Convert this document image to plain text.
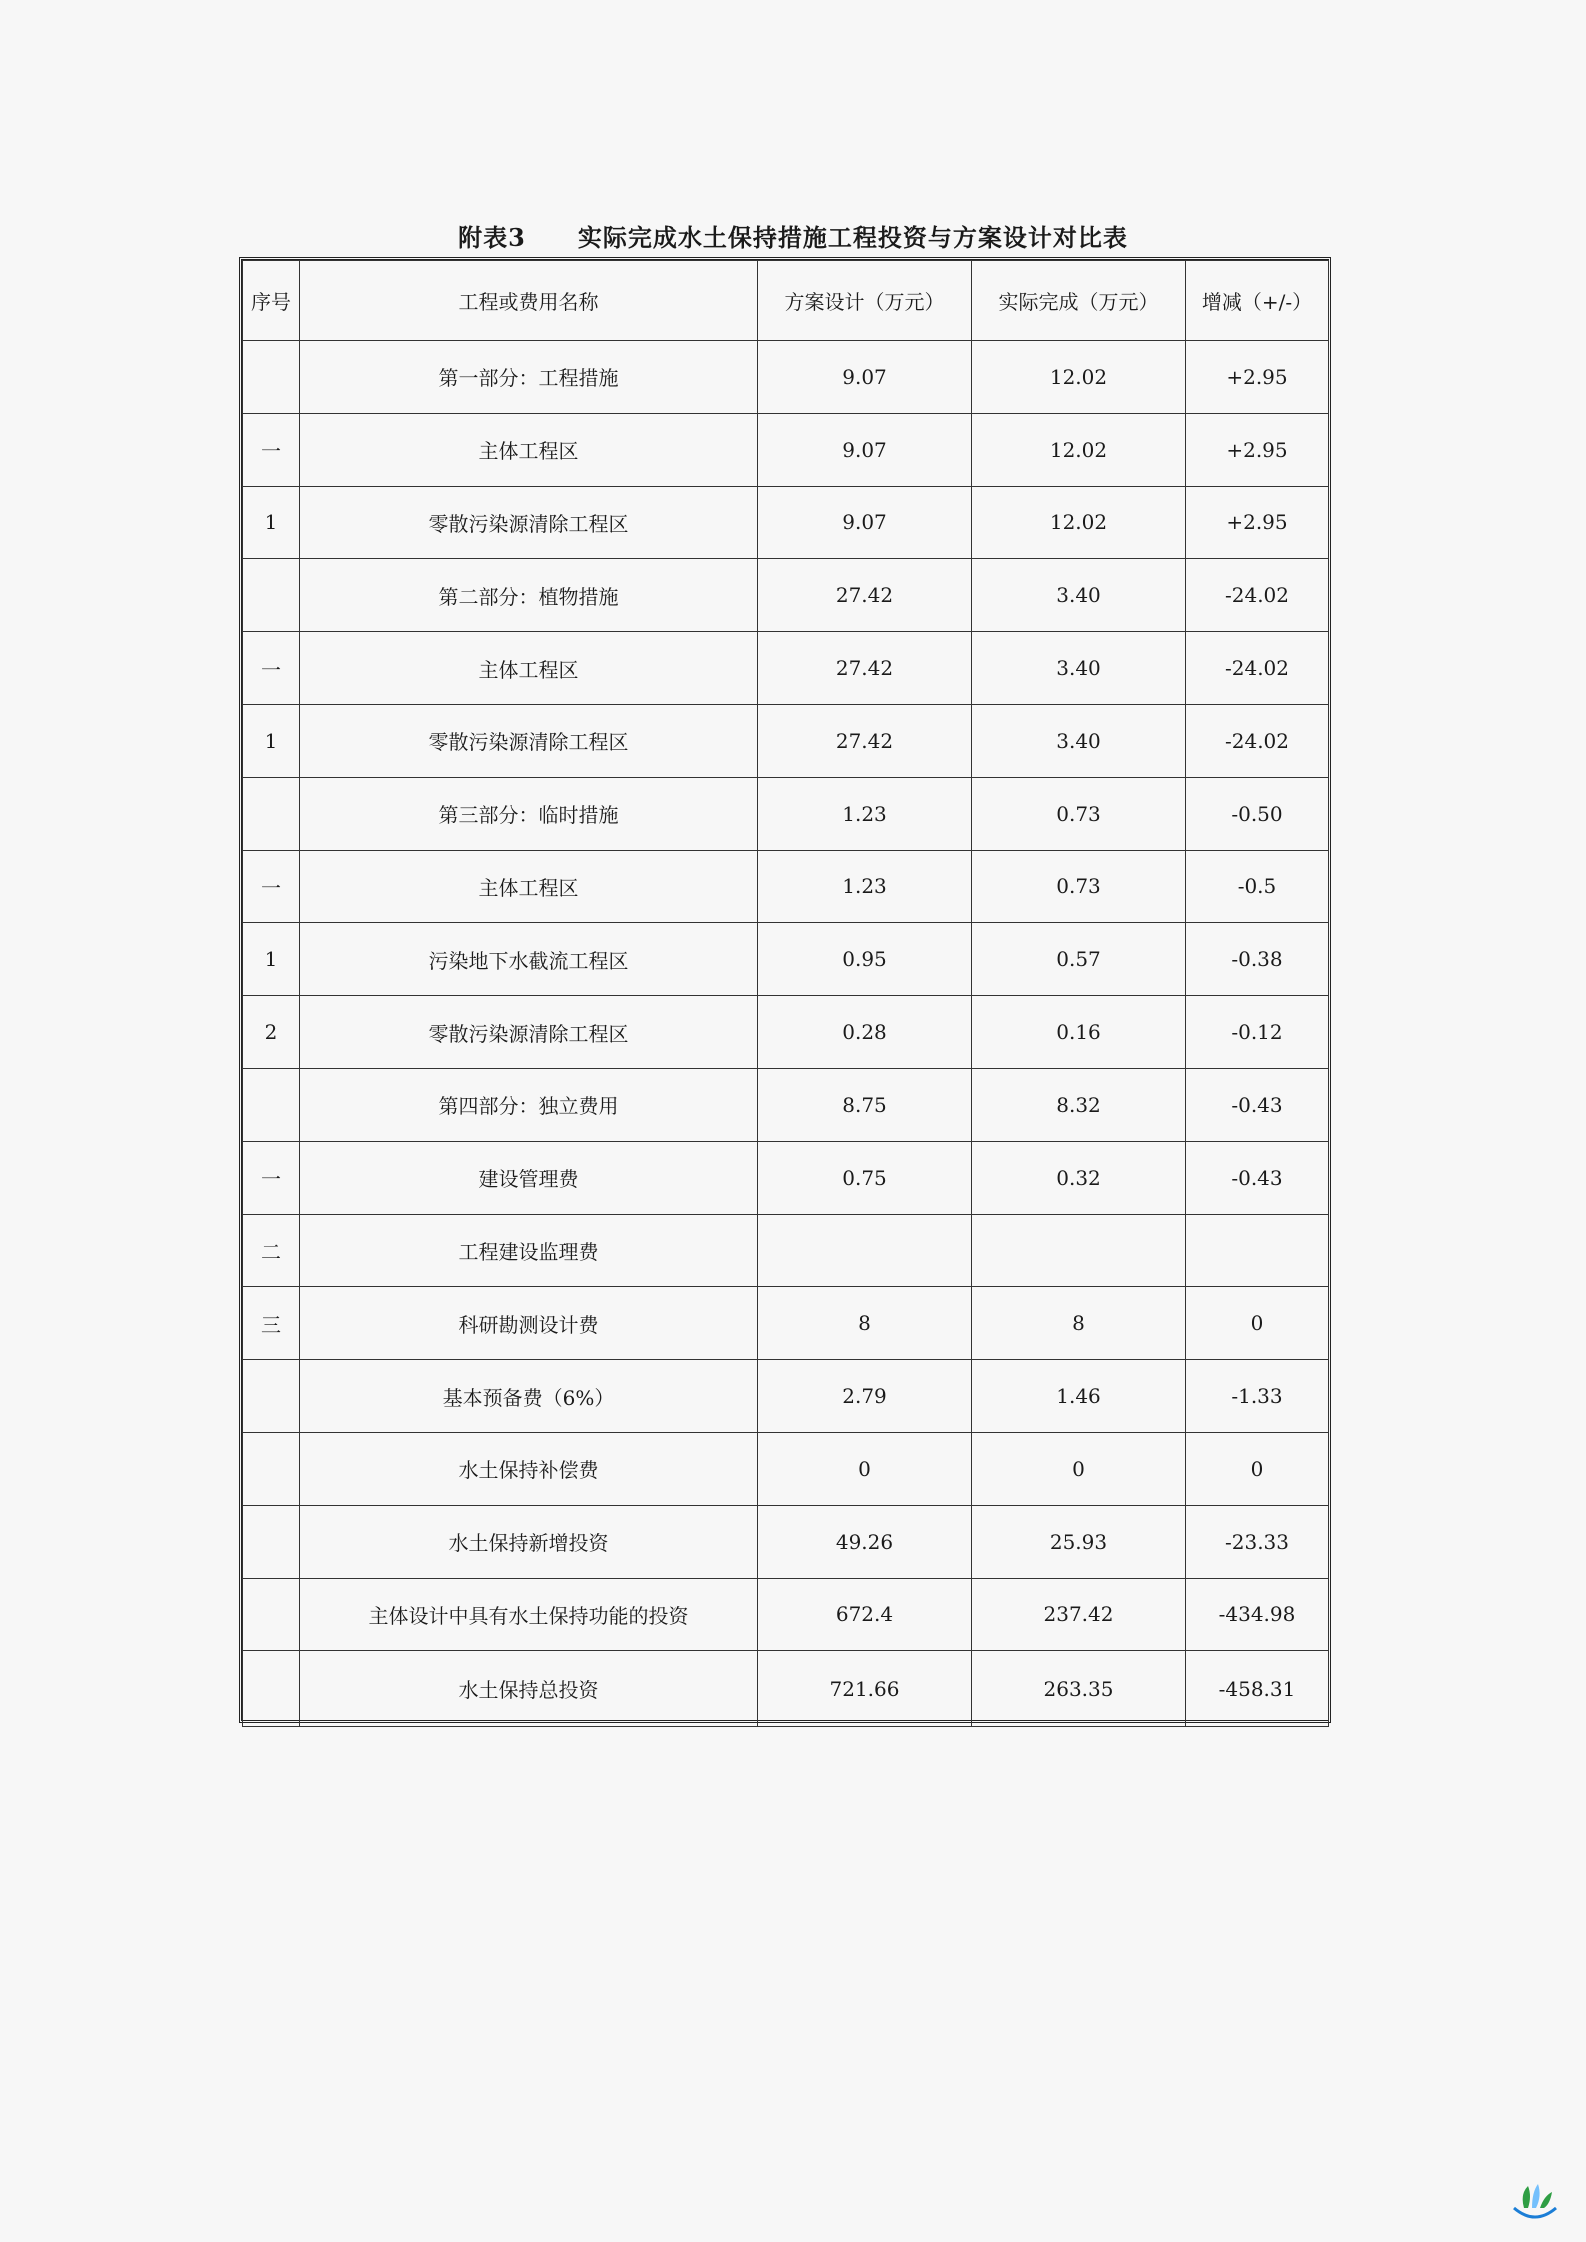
附表3 实际完成水土保持措施工程投资与方案设计对比表
序号	工程或费用名称	方案设计（万元）	实际完成（万元）	增减（+/-）
	第一部分：工程措施	9.07	12.02	+2.95
一	主体工程区	9.07	12.02	+2.95
1	零散污染源清除工程区	9.07	12.02	+2.95
	第二部分：植物措施	27.42	3.40	-24.02
一	主体工程区	27.42	3.40	-24.02
1	零散污染源清除工程区	27.42	3.40	-24.02
	第三部分：临时措施	1.23	0.73	-0.50
一	主体工程区	1.23	0.73	-0.5
1	污染地下水截流工程区	0.95	0.57	-0.38
2	零散污染源清除工程区	0.28	0.16	-0.12
	第四部分：独立费用	8.75	8.32	-0.43
一	建设管理费	0.75	0.32	-0.43
二	工程建设监理费			
三	科研勘测设计费	8	8	0
	基本预备费（6%）	2.79	1.46	-1.33
	水土保持补偿费	0	0	0
	水土保持新增投资	49.26	25.93	-23.33
	主体设计中具有水土保持功能的投资	672.4	237.42	-434.98
	水土保持总投资	721.66	263.35	-458.31
